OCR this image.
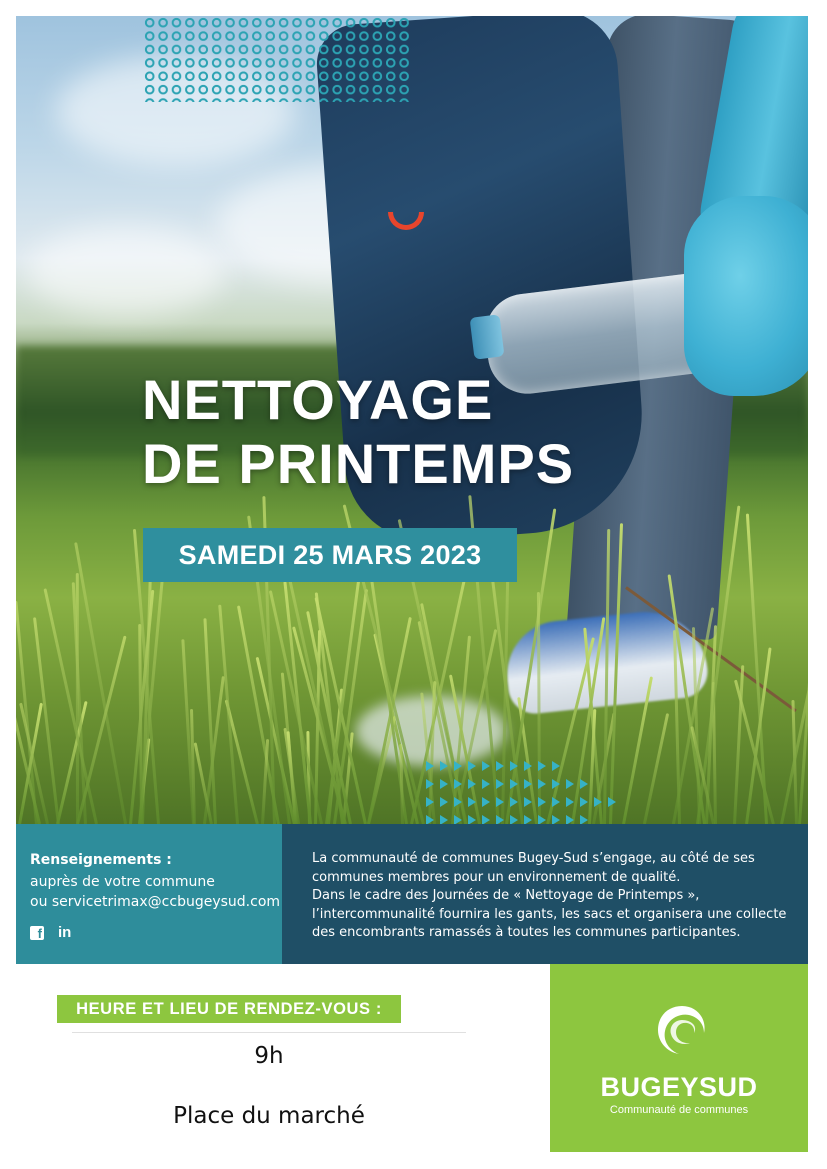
NETTOYAGE
DE PRINTEMPS
SAMEDI 25 MARS 2023
Renseignements :
auprès de votre commune
ou servicetrimax@ccbugeysud.com
f in

La communauté de communes Bugey-Sud s’engage, au côté de ses communes membres pour un environnement de qualité.

Dans le cadre des Journées de « Nettoyage de Printemps », l’intercommunalité fournira les gants, les sacs et organisera une collecte des encombrants ramassés à toutes les communes participantes.

HEURE ET LIEU DE RENDEZ-VOUS :
9h
Place du marché
BUGEYSUD
Communauté de communes
